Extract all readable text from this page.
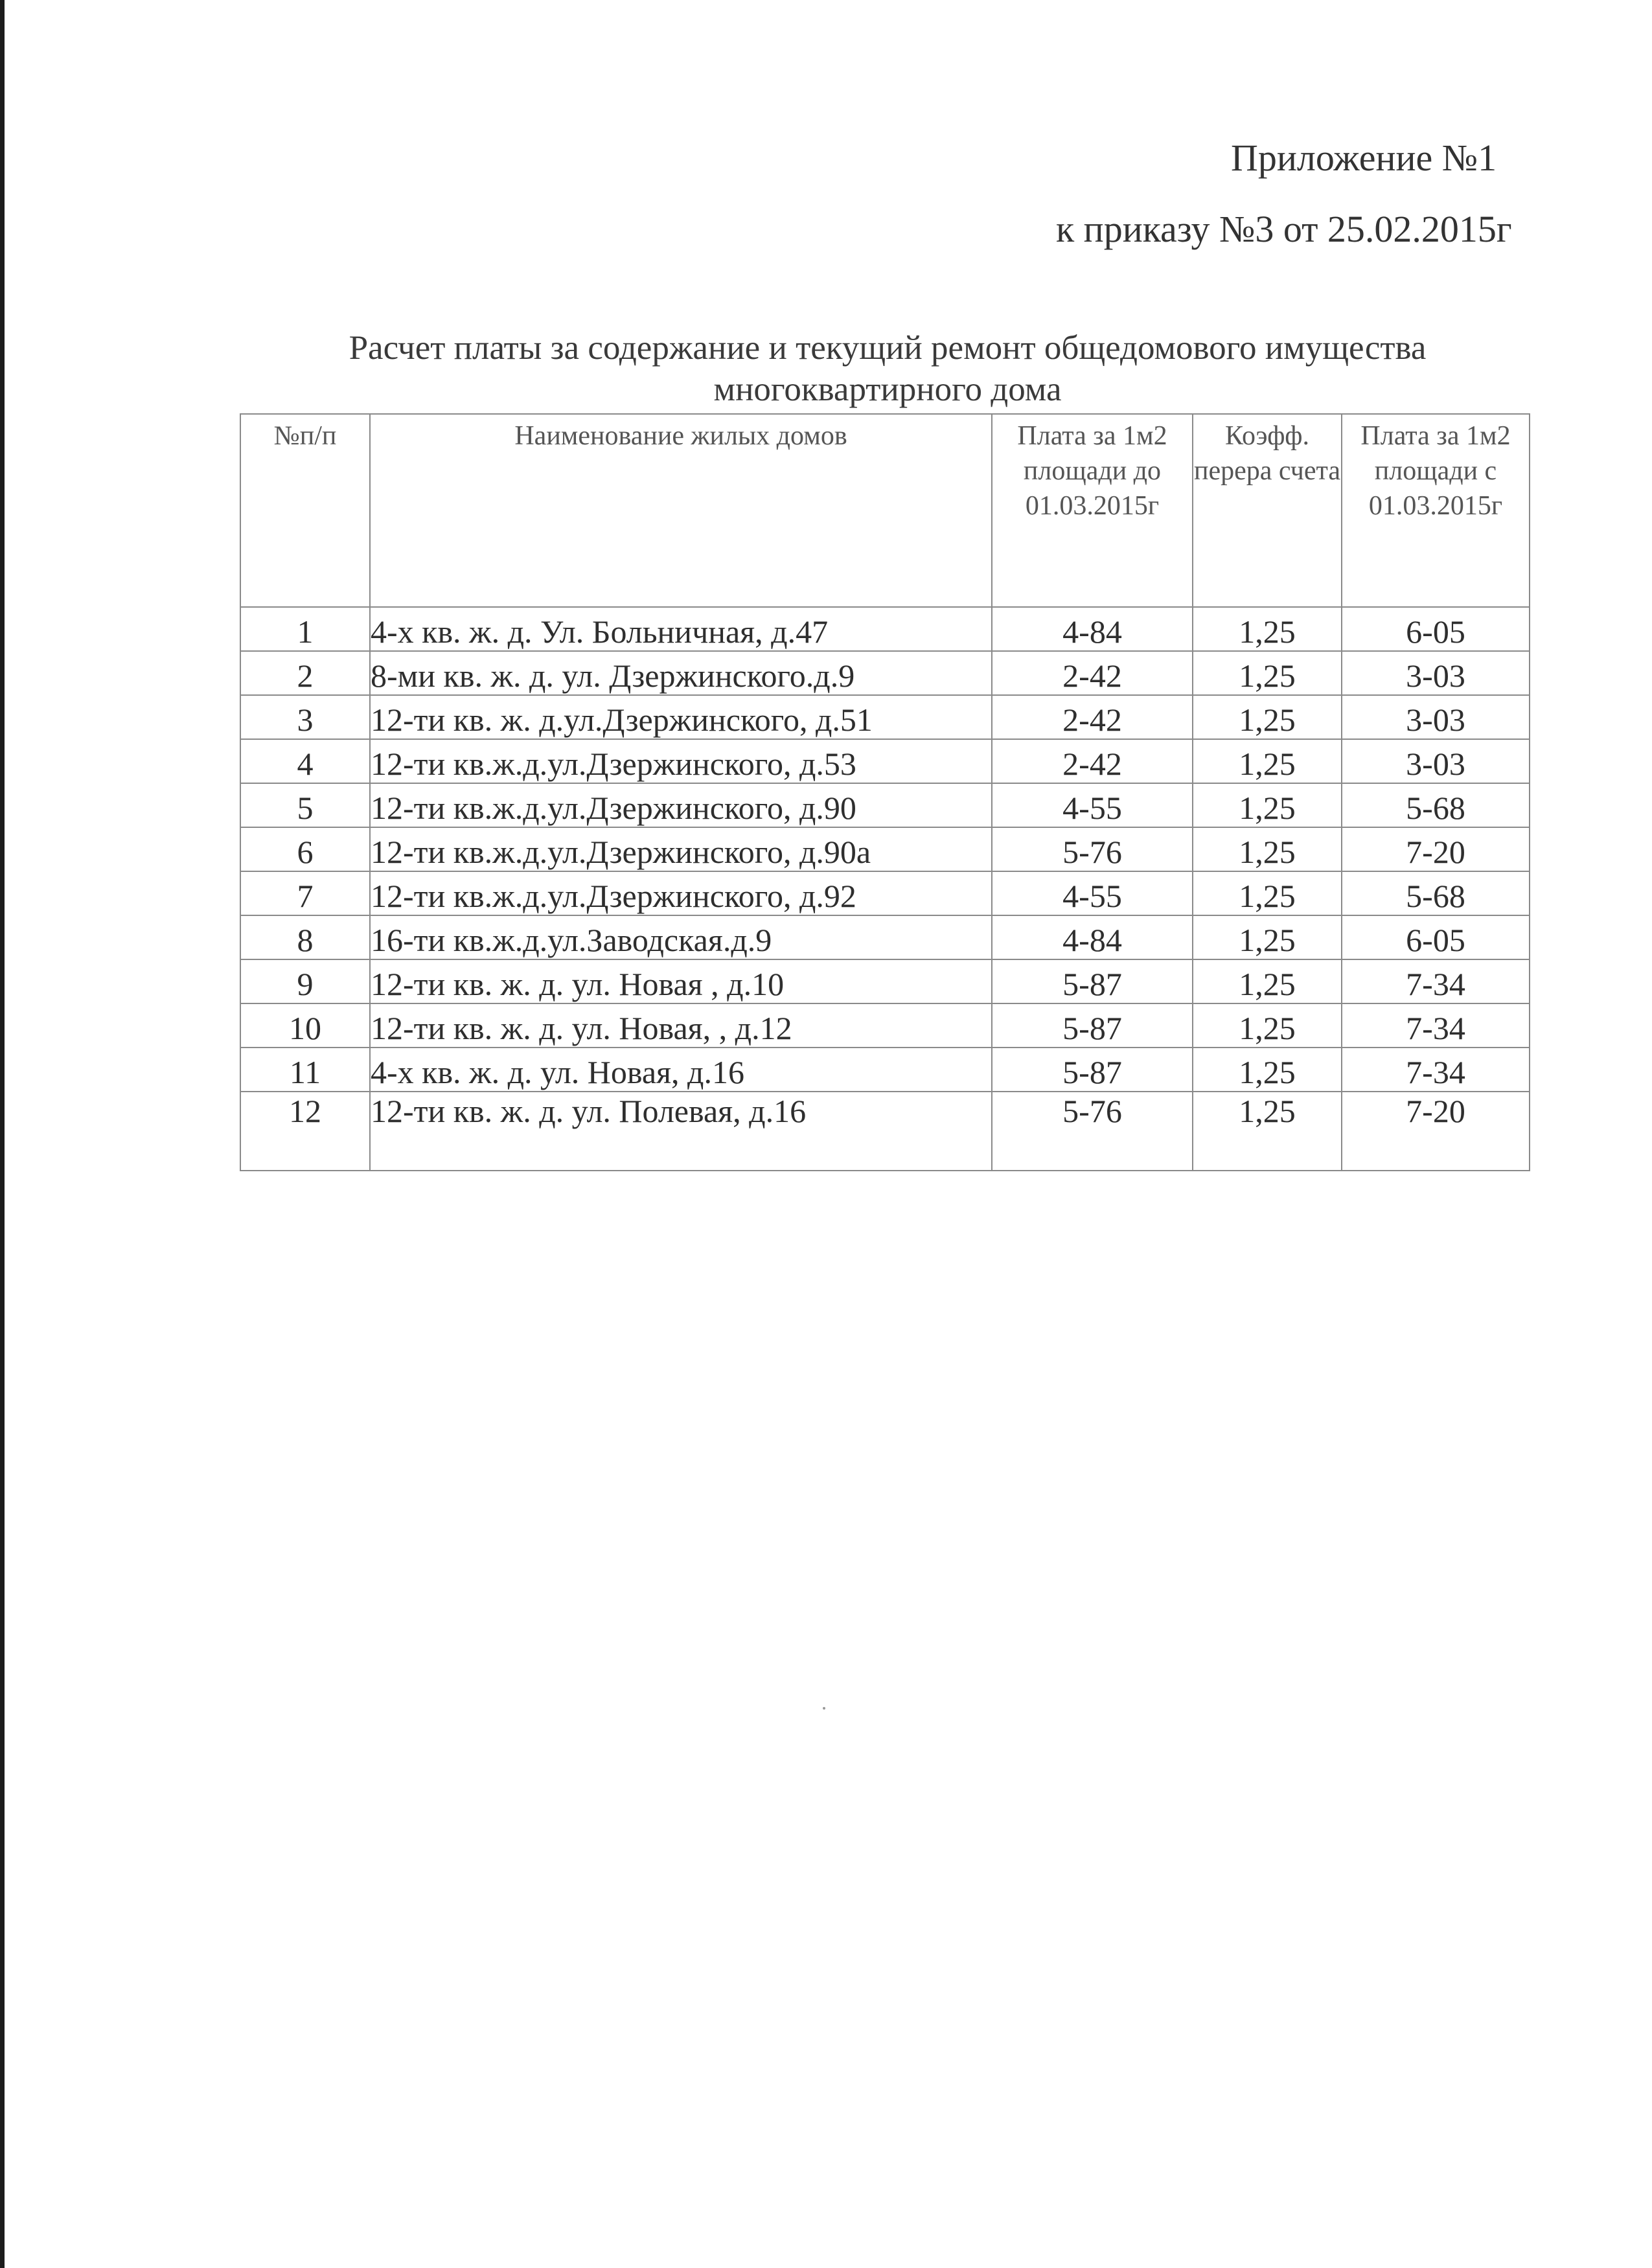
Приложение №1
к приказу №3 от 25.02.2015г
Расчет платы за содержание и текущий ремонт общедомового имущества многоквартирного дома
№п/п	Наименование жилых домов	Плата за 1м2 площади до 01.03.2015г	Коэфф. перера счета	Плата за 1м2 площади с 01.03.2015г
1	4-х кв. ж. д. Ул. Больничная, д.47	4-84	1,25	6-05
2	8-ми кв. ж. д. ул. Дзержинского.д.9	2-42	1,25	3-03
3	12-ти кв. ж. д.ул.Дзержинского, д.51	2-42	1,25	3-03
4	12-ти кв.ж.д.ул.Дзержинского, д.53	2-42	1,25	3-03
5	12-ти кв.ж.д.ул.Дзержинского, д.90	4-55	1,25	5-68
6	12-ти кв.ж.д.ул.Дзержинского, д.90а	5-76	1,25	7-20
7	12-ти кв.ж.д.ул.Дзержинского, д.92	4-55	1,25	5-68
8	16-ти кв.ж.д.ул.Заводская.д.9	4-84	1,25	6-05
9	12-ти кв. ж. д. ул. Новая , д.10	5-87	1,25	7-34
10	12-ти кв. ж. д. ул. Новая, , д.12	5-87	1,25	7-34
11	4-х кв. ж. д. ул. Новая, д.16	5-87	1,25	7-34
12	12-ти кв. ж. д. ул. Полевая, д.16	5-76	1,25	7-20
